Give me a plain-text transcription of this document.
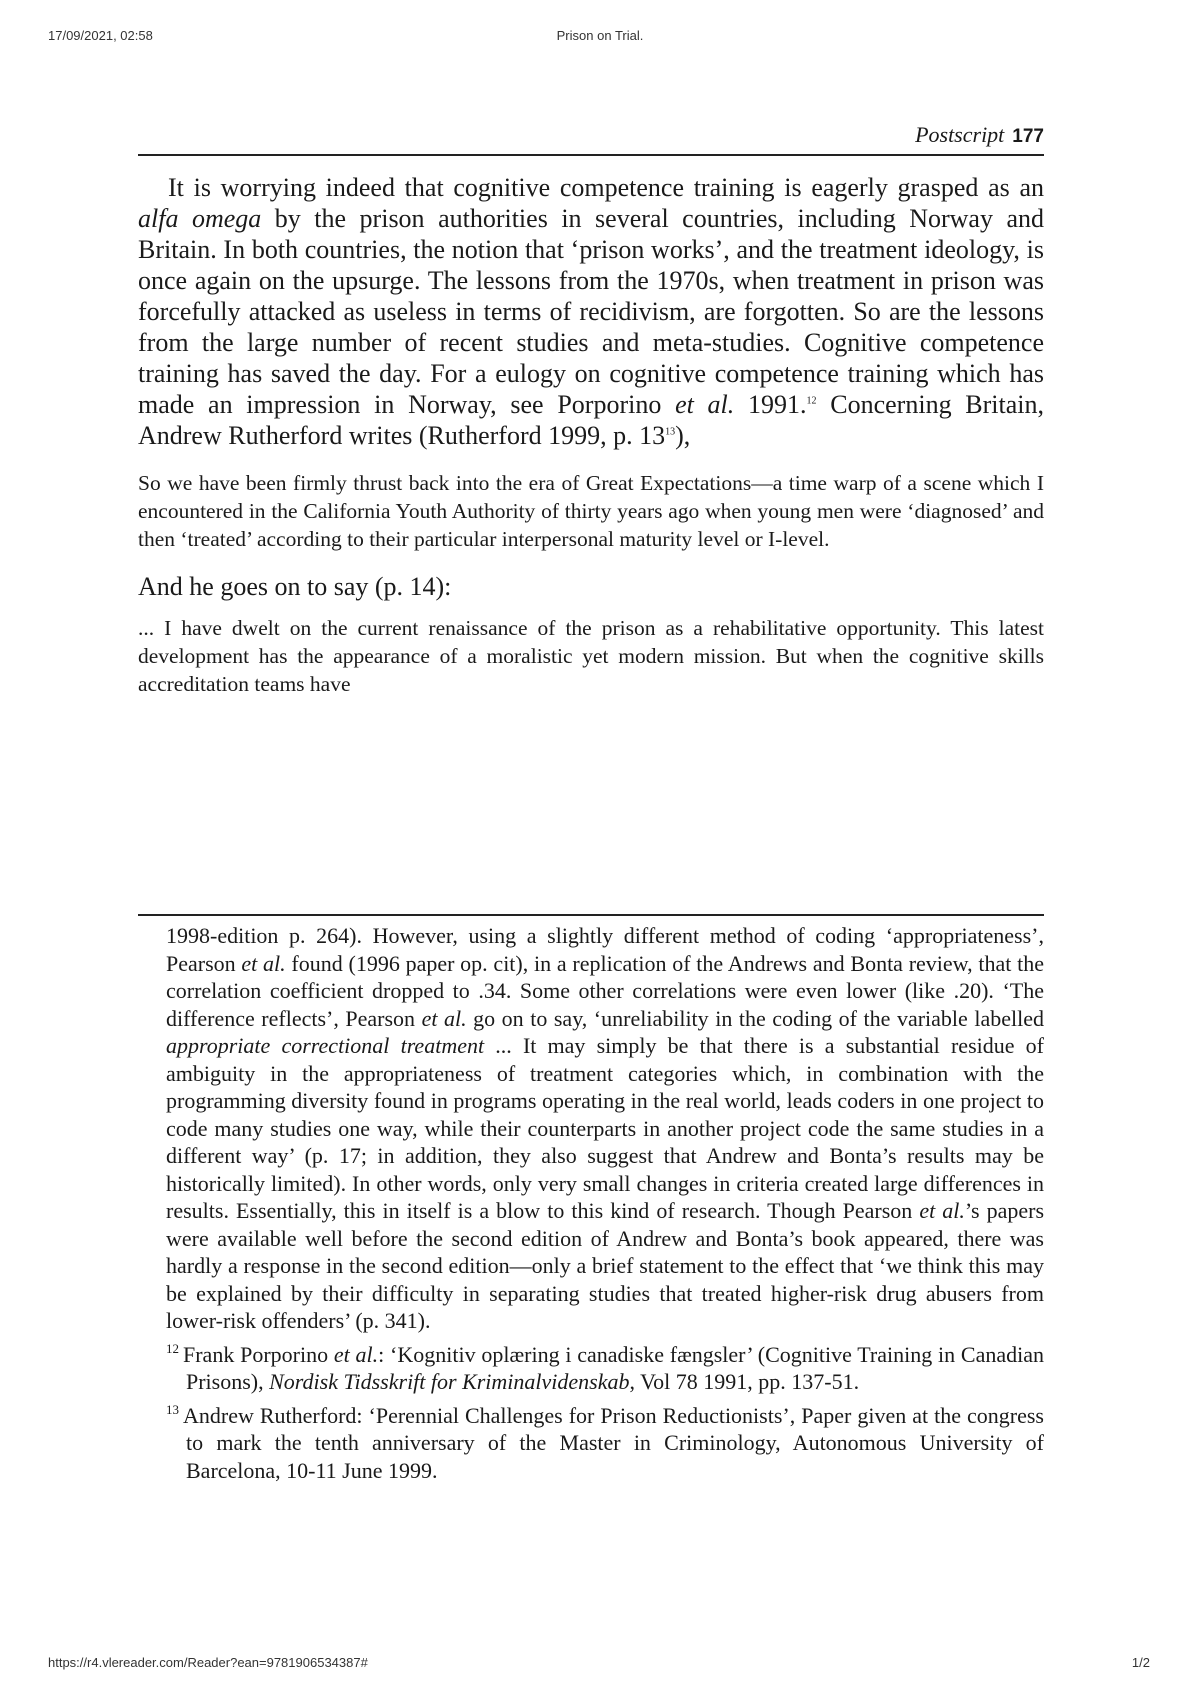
17/09/2021, 02:58	Prison on Trial.
Postscript 177

It is worrying indeed that cognitive competence training is eagerly grasped as an alfa omega by the prison authorities in several countries, including Norway and Britain. In both countries, the notion that ‘prison works’, and the treatment ideology, is once again on the upsurge. The lessons from the 1970s, when treatment in prison was forcefully attacked as useless in terms of recidivism, are forgotten. So are the lessons from the large number of recent studies and meta-studies. Cognitive competence training has saved the day. For a eulogy on cognitive competence training which has made an impression in Norway, see Porporino et al. 1991.12 Concerning Britain, Andrew Rutherford writes (Rutherford 1999, p. $13^{13}$),

So we have been firmly thrust back into the era of Great Expectations—a time warp of a scene which I encountered in the California Youth Authority of thirty years ago when young men were ‘diagnosed’ and then ‘treated’ according to their particular interpersonal maturity level or I-level.

And he goes on to say (p. 14):

... I have dwelt on the current renaissance of the prison as a rehabilitative opportunity. This latest development has the appearance of a moralistic yet modern mission. But when the cognitive skills accreditation teams have

1998-edition p. 264). However, using a slightly different method of coding ‘appropriateness’, Pearson et al. found (1996 paper op. cit), in a replication of the Andrews and Bonta review, that the correlation coefficient dropped to .34. Some other correlations were even lower (like .20). ‘The difference reflects’, Pearson et al. go on to say, ‘unreliability in the coding of the variable labelled appropriate correctional treatment ... It may simply be that there is a substantial residue of ambiguity in the appropriateness of treatment categories which, in combination with the programming diversity found in programs operating in the real world, leads coders in one project to code many studies one way, while their counterparts in another project code the same studies in a different way’ (p. 17; in addition, they also suggest that Andrew and Bonta’s results may be historically limited). In other words, only very small changes in criteria created large differences in results. Essentially, this in itself is a blow to this kind of research. Though Pearson et al.’s papers were available well before the second edition of Andrew and Bonta’s book appeared, there was hardly a response in the second edition—only a brief statement to the effect that ‘we think this may be explained by their difficulty in separating studies that treated higher-risk drug abusers from lower-risk offenders’ (p. 341).

$^{12}$ Frank Porporino et al.: ‘Kognitiv oplæring i canadiske fængsler’ (Cognitive Training in Canadian Prisons), Nordisk Tidsskrift for Kriminalvidenskab, Vol 78 1991, pp. 137-51.

$^{13}$ Andrew Rutherford: ‘Perennial Challenges for Prison Reductionists’, Paper given at the congress to mark the tenth anniversary of the Master in Criminology, Autonomous University of Barcelona, 10-11 June 1999.

https://r4.vlereader.com/Reader?ean=9781906534387#	1/2
